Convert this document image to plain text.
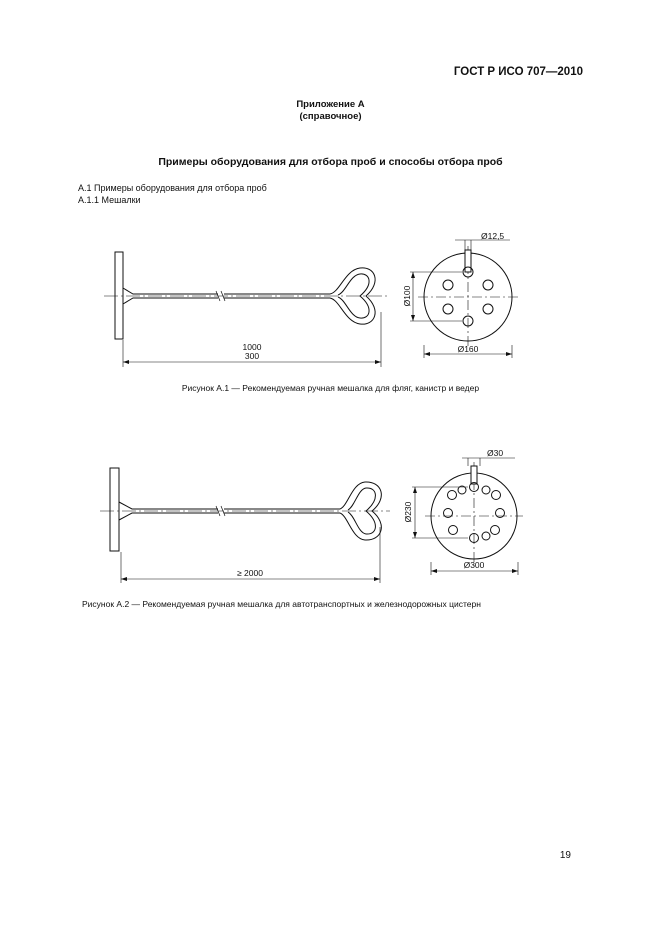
ГОСТ Р ИСО 707—2010
Приложение А
(справочное)
Примеры оборудования для отбора проб и способы отбора проб
А.1 Примеры оборудования для отбора проб
А.1.1 Мешалки
1000
300
Ø12,5
Ø100
Ø160
Рисунок А.1 — Рекомендуемая ручная мешалка для фляг, канистр и ведер
≥ 2000
Ø30
Ø230
Ø300
Рисунок А.2 — Рекомендуемая ручная мешалка для автотранспортных и железнодорожных цистерн
19
